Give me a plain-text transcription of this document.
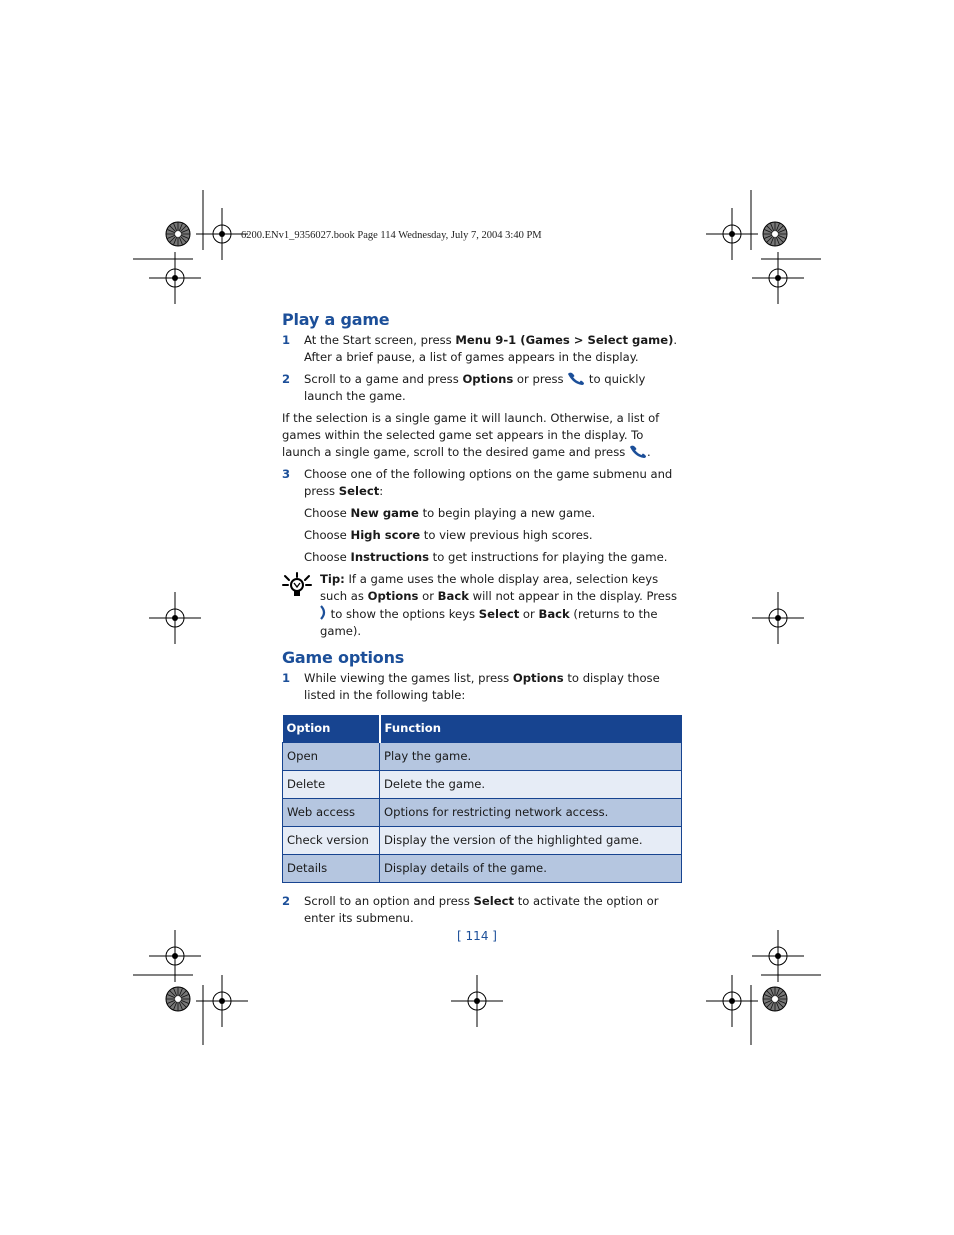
6200.ENv1_9356027.book Page 114 Wednesday, July 7, 2004 3:40 PM
Play a game
1	At the Start screen, press Menu 9-1 (Games > Select game). After a brief pause, a list of games appears in the display.
2	Scroll to a game and press Options or press  to quickly launch the game.

If the selection is a single game it will launch. Otherwise, a list of games within the selected game set appears in the display. To launch a single game, scroll to the desired game and press .

3	Choose one of the following options on the game submenu and press Select:

Choose New game to begin playing a new game.

Choose High score to view previous high scores.

Choose Instructions to get instructions for playing the game.

Tip: If a game uses the whole display area, selection keys such as Options or Back will not appear in the display. Press  to show the options keys Select or Back (returns to the game).
Game options
1	While viewing the games list, press Options to display those listed in the following table:
Option	Function
Open	Play the game.
Delete	Delete the game.
Web access	Options for restricting network access.
Check version	Display the version of the highlighted game.
Details	Display details of the game.
2	Scroll to an option and press Select to activate the option or enter its submenu.
[ 114 ]
